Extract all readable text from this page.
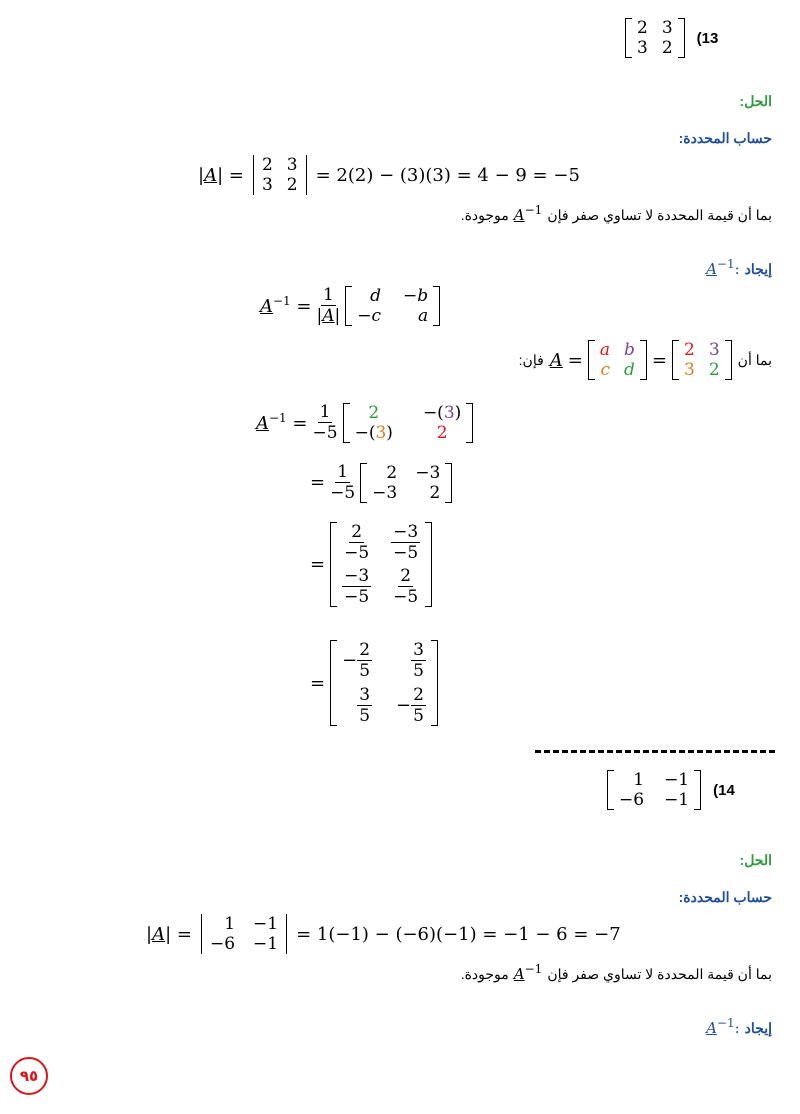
2 3
3 2 (13
الحل:
حساب المحددة:
|A| = 2 3
3 2 = 2(2) − (3)(3) = 4 − 9 = −5
بما أن قيمة المحددة لا تساوي صفر فإن
$A^{-1}$
موجودة.
إيجاد
$A^{-1}$:
$A^{-1} = \frac{1}{|A|}$	d −b
−c	a
بما أن
A = a b
c d = 2 3
3 2
فإن:
$A^{-1} = \frac{1}{-5}$	2	−(3)
−(3)	2
= $\frac{1}{-5}$	2 −3
−3	2
=
$\frac{2}{-5} \frac{-3}{-5}$
$\frac{-3}{-5} \frac{2}{-5}$
=
− $\frac{2}{5} \frac{3}{5}$
$\frac{3}{5} - \frac{2}{5}$
1 −1
−6 −1 (14
الحل:
حساب المحددة:
|A| =	1 −1
−6 −1 = 1(−1) − (−6)(−1) = −1 − 6 = −7
بما أن قيمة المحددة لا تساوي صفر فإن
$A^{-1}$
موجودة.
إيجاد
$A^{-1}$:
٩٥
